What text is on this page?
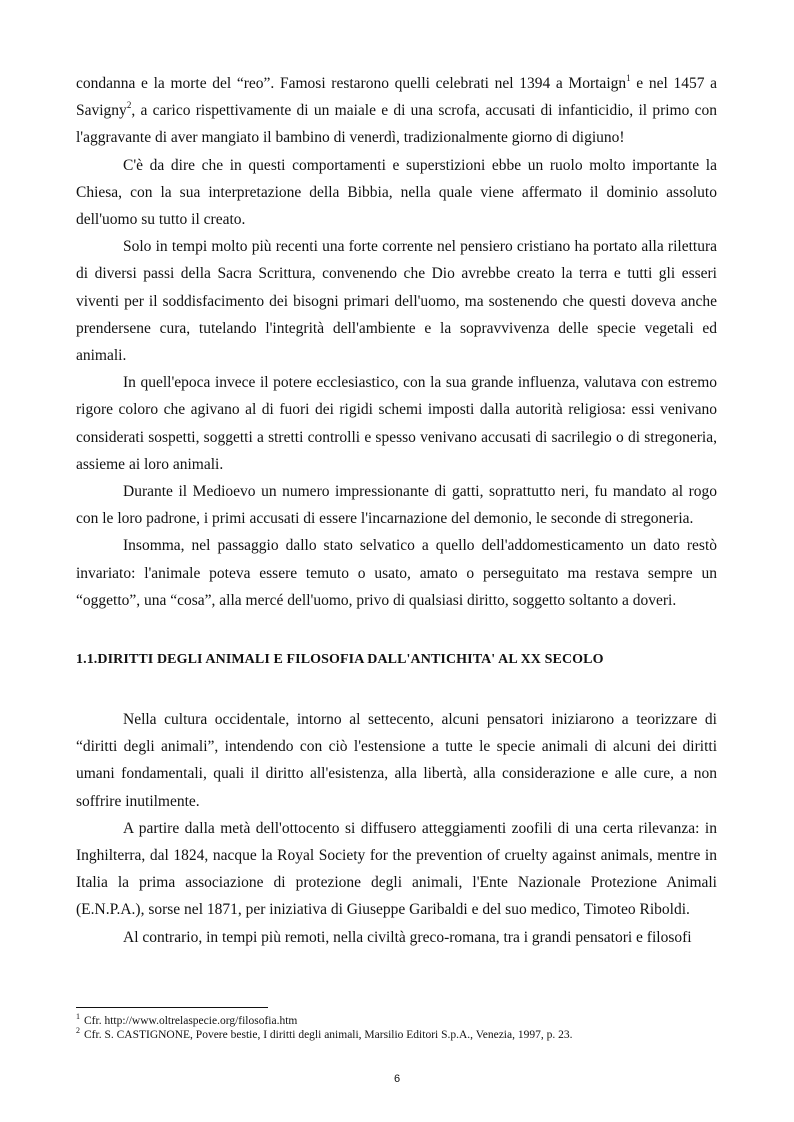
condanna e la morte del “reo”. Famosi restarono quelli celebrati nel 1394 a Mortaign$^1$ e nel 1457 a Savigny$^2$, a carico rispettivamente di un maiale e di una scrofa, accusati di infanticidio, il primo con l'aggravante di aver mangiato il bambino di venerdì, tradizionalmente giorno di digiuno!

C'è da dire che in questi comportamenti e superstizioni ebbe un ruolo molto importante la Chiesa, con la sua interpretazione della Bibbia, nella quale viene affermato il dominio assoluto dell'uomo su tutto il creato.

Solo in tempi molto più recenti una forte corrente nel pensiero cristiano ha portato alla rilettura di diversi passi della Sacra Scrittura, convenendo che Dio avrebbe creato la terra e tutti gli esseri viventi per il soddisfacimento dei bisogni primari dell'uomo, ma sostenendo che questi doveva anche prendersene cura, tutelando l'integrità dell'ambiente e la sopravvivenza delle specie vegetali ed animali.

In quell'epoca invece il potere ecclesiastico, con la sua grande influenza, valutava con estremo rigore coloro che agivano al di fuori dei rigidi schemi imposti dalla autorità religiosa: essi venivano considerati sospetti, soggetti a stretti controlli e spesso venivano accusati di sacrilegio o di stregoneria, assieme ai loro animali.

Durante il Medioevo un numero impressionante di gatti, soprattutto neri, fu mandato al rogo con le loro padrone, i primi accusati di essere l'incarnazione del demonio, le seconde di stregoneria.

Insomma, nel passaggio dallo stato selvatico a quello dell'addomesticamento un dato restò invariato: l'animale poteva essere temuto o usato, amato o perseguitato ma restava sempre un “oggetto”, una “cosa”, alla mercé dell'uomo, privo di qualsiasi diritto, soggetto soltanto a doveri.

1.1.DIRITTI DEGLI ANIMALI E FILOSOFIA DALL'ANTICHITA' AL XX SECOLO

Nella cultura occidentale, intorno al settecento, alcuni pensatori iniziarono a teorizzare di “diritti degli animali”, intendendo con ciò l'estensione a tutte le specie animali di alcuni dei diritti umani fondamentali, quali il diritto all'esistenza, alla libertà, alla considerazione e alle cure, a non soffrire inutilmente.

A partire dalla metà dell'ottocento si diffusero atteggiamenti zoofili di una certa rilevanza: in Inghilterra, dal 1824, nacque la Royal Society for the prevention of cruelty against animals, mentre in Italia la prima associazione di protezione degli animali, l'Ente Nazionale Protezione Animali (E.N.P.A.), sorse nel 1871, per iniziativa di Giuseppe Garibaldi e del suo medico, Timoteo Riboldi.

Al contrario, in tempi più remoti, nella civiltà greco-romana, tra i grandi pensatori e filosofi

$^1$ Cfr. http://www.oltrelaspecie.org/filosofia.htm

$^2$ Cfr. S. CASTIGNONE, Povere bestie, I diritti degli animali, Marsilio Editori S.p.A., Venezia, 1997, p. 23.

6
